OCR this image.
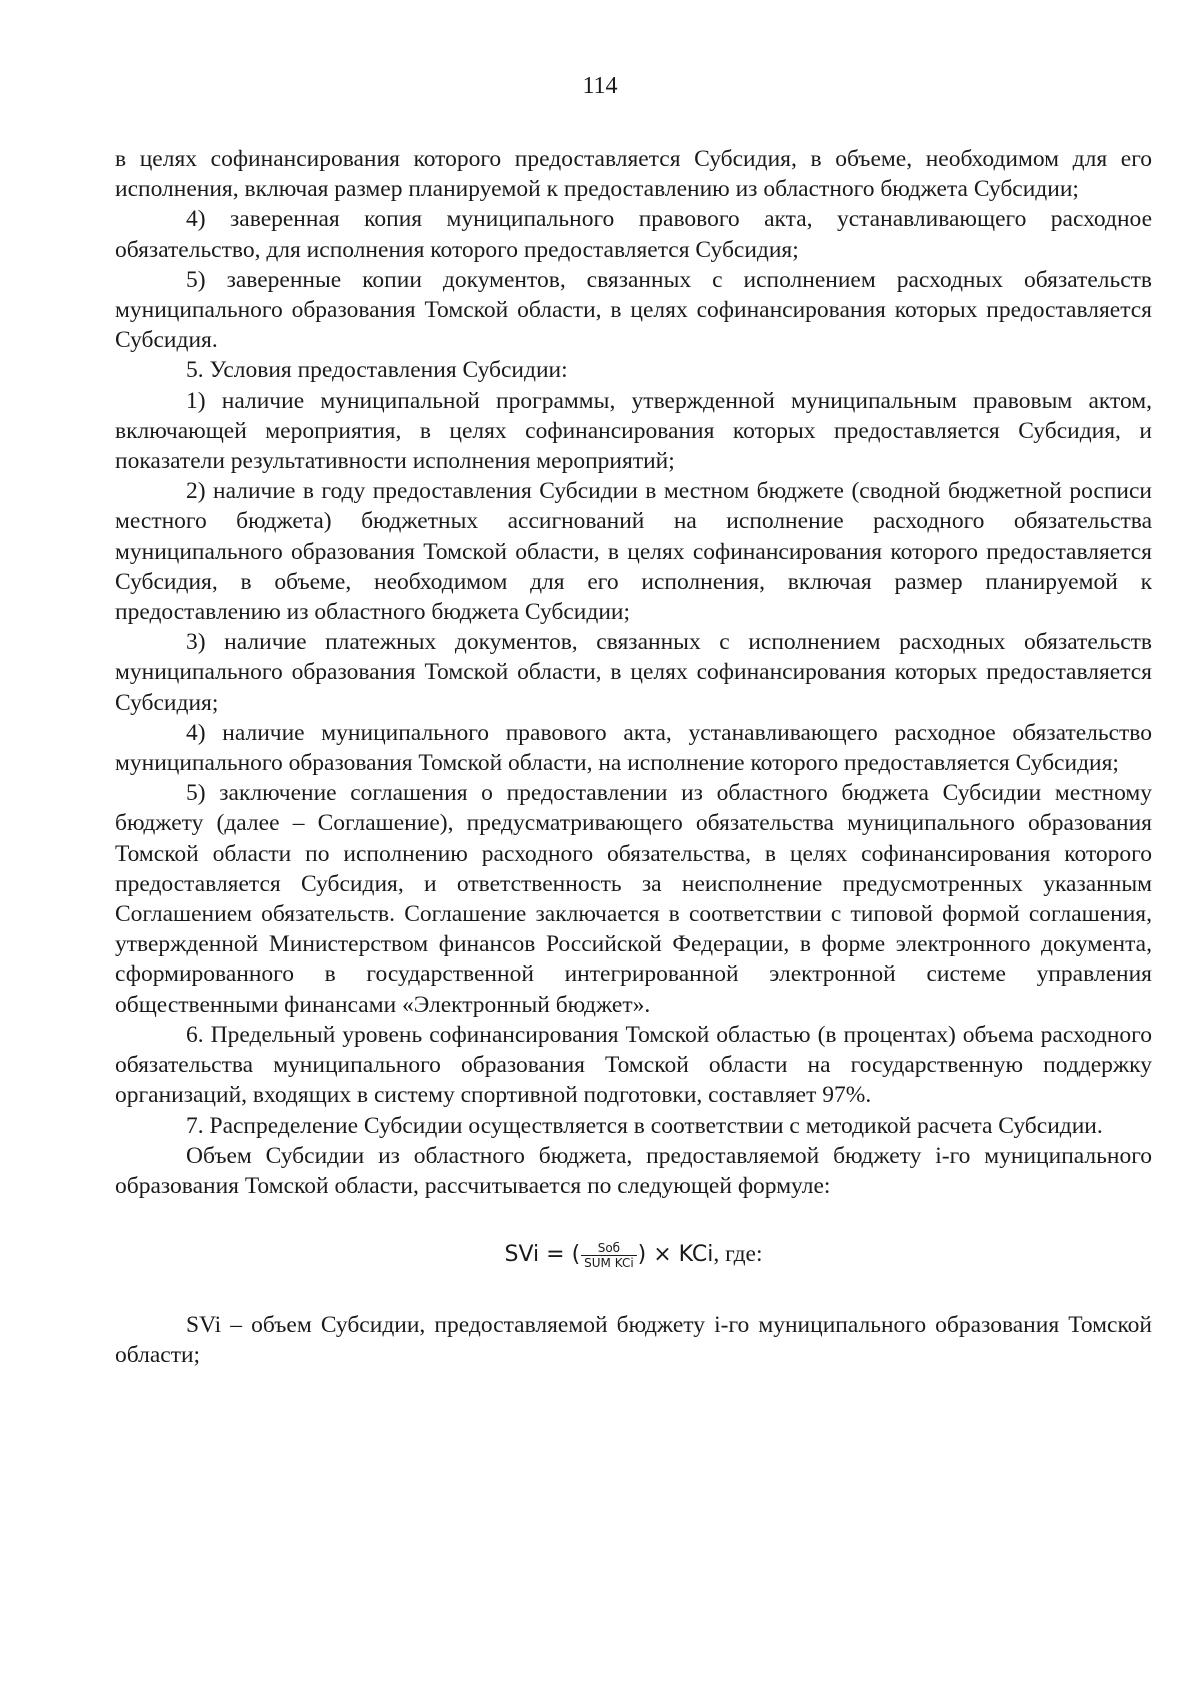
114

в целях софинансирования которого предоставляется Субсидия, в объеме, необходимом для его исполнения, включая размер планируемой к предоставлению из областного бюджета Субсидии;

4) заверенная копия муниципального правового акта, устанавливающего расходное обязательство, для исполнения которого предоставляется Субсидия;

5) заверенные копии документов, связанных с исполнением расходных обязательств муниципального образования Томской области, в целях софинансирования которых предоставляется Субсидия.

5. Условия предоставления Субсидии:

1) наличие муниципальной программы, утвержденной муниципальным правовым актом, включающей мероприятия, в целях софинансирования которых предоставляется Субсидия, и показатели результативности исполнения мероприятий;

2) наличие в году предоставления Субсидии в местном бюджете (сводной бюджетной росписи местного бюджета) бюджетных ассигнований на исполнение расходного обязательства муниципального образования Томской области, в целях софинансирования которого предоставляется Субсидия, в объеме, необходимом для его исполнения, включая размер планируемой к предоставлению из областного бюджета Субсидии;

3) наличие платежных документов, связанных с исполнением расходных обязательств муниципального образования Томской области, в целях софинансирования которых предоставляется Субсидия;

4) наличие муниципального правового акта, устанавливающего расходное обязательство муниципального образования Томской области, на исполнение которого предоставляется Субсидия;

5) заключение соглашения о предоставлении из областного бюджета Субсидии местному бюджету (далее – Соглашение), предусматривающего обязательства муниципального образования Томской области по исполнению расходного обязательства, в целях софинансирования которого предоставляется Субсидия, и ответственность за неисполнение предусмотренных указанным Соглашением обязательств. Соглашение заключается в соответствии с типовой формой соглашения, утвержденной Министерством финансов Российской Федерации, в форме электронного документа, сформированного в государственной интегрированной электронной системе управления общественными финансами «Электронный бюджет».

6. Предельный уровень софинансирования Томской областью (в процентах) объема расходного обязательства муниципального образования Томской области на государственную поддержку организаций, входящих в систему спортивной подготовки, составляет 97%.

7. Распределение Субсидии осуществляется в соответствии с методикой расчета Субсидии.

Объем Субсидии из областного бюджета, предоставляемой бюджету i-го муниципального образования Томской области, рассчитывается по следующей формуле:

SVi = ( $\frac{\text{Sоб}}{\text{SUM KCi}}$ ) × KCi, где:

SVi – объем Субсидии, предоставляемой бюджету i-го муниципального образования Томской области;
